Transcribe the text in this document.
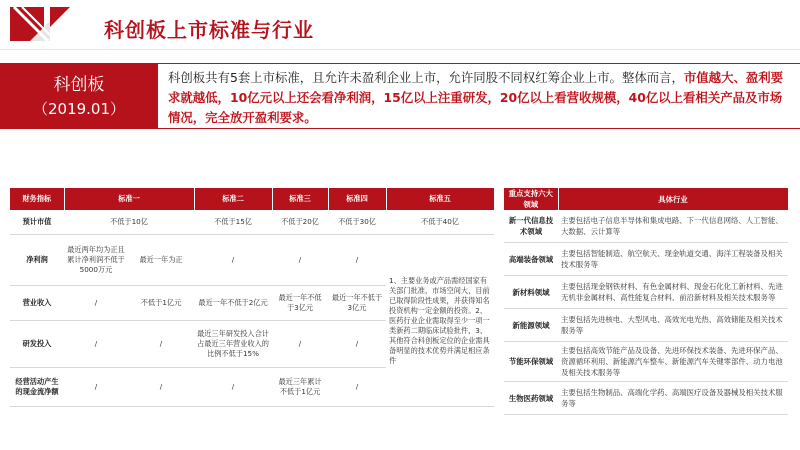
科创板上市标准与行业
科创板
（2019.01）
科创板共有5套上市标准，且允许未盈利企业上市，允许同股不同权红筹企业上市。整体而言，市值越大、盈利要求就越低，10亿元以上还会看净利润，15亿以上注重研发，20亿以上看营收规模，40亿以上看相关产品及市场情况，完全放开盈利要求。
财务指标	标准一		标准二	标准三	标准四	标准五
预计市值	不低于10亿		不低于15亿	不低于20亿	不低于30亿	不低于40亿
净利润	最近两年均为正且累计净利润不低于5000万元	最近一年为正	/	/	/	1、主要业务或产品需经国家有关部门批准，市场空间大，目前已取得阶段性成果，并获得知名投资机构一定金额的投资。2、医药行业企业需取得至少一项一类新药二期临床试验批件，3、其他符合科创板定位的企业需具备明显的技术优势并满足相应条件
营业收入	/	不低于1亿元	最近一年不低于2亿元	最近一年不低于3亿元	最近一年不低于3亿元	
研发投入	/	/	最近三年研发投入合计占最近三年营业收入的比例不低于15%	/	/	
经营活动产生的现金流净额	/	/	/	最近三年累计不低于1亿元	/	
重点支持六大领域	具体行业
新一代信息技术领域	主要包括电子信息半导体和集成电路、下一代信息网络、人工智能、大数据、云计算等
高端装备领域	主要包括智能制造、航空航天、现金轨道交通、海洋工程装备及相关技术服务等
新材料领域	主要包括现金钢铁材料、有色金属材料、现金石化化工新材料、先进无机非金属材料、高性能复合材料、前沿新材料及相关技术服务等
新能源领域	主要包括先进核电、大型风电、高效光电光热、高效储能及相关技术服务等
节能环保领域	主要包括高效节能产品及设备、先进环保技术装备、先进环保产品、资源循环利用、新能源汽车整车、新能源汽车关键零部件、动力电池及相关技术服务等
生物医药领域	主要包括生物制品、高端化学药、高端医疗设备及器械及相关技术服务等
